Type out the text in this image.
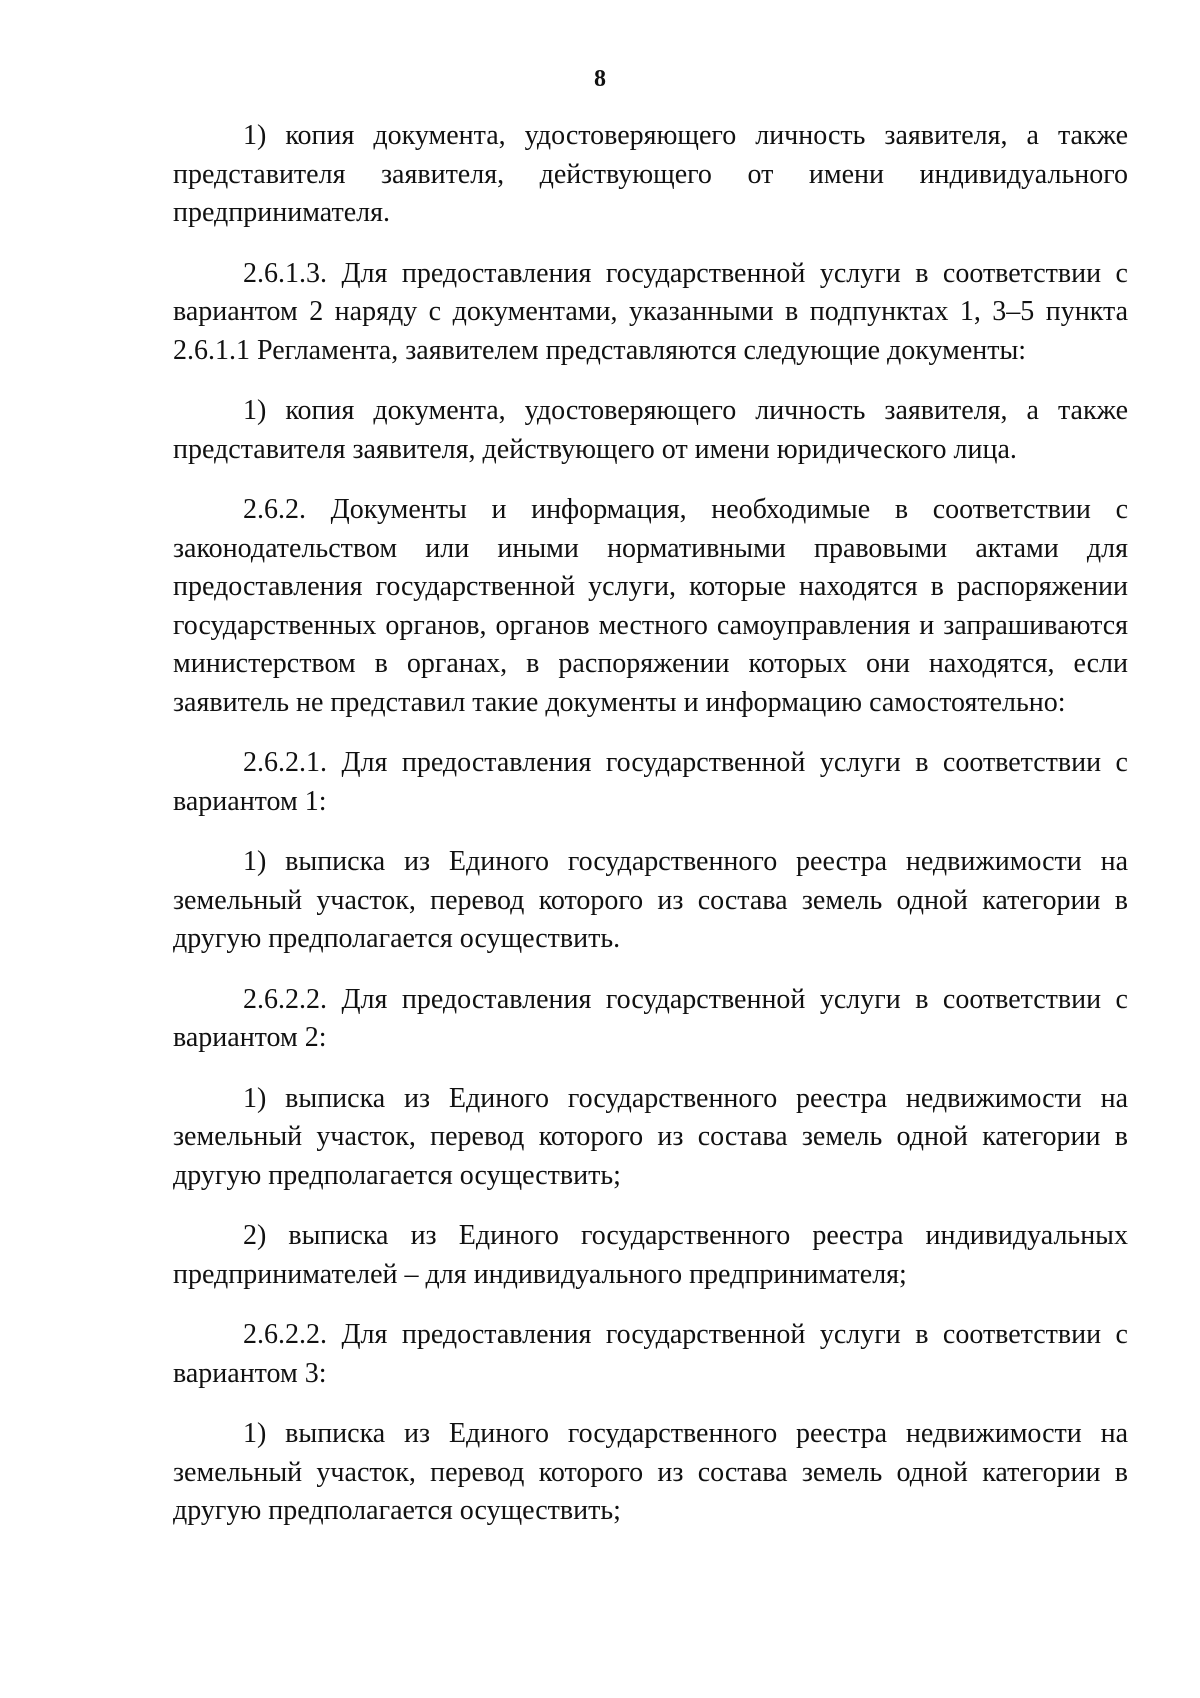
8

1) копия документа, удостоверяющего личность заявителя, а также представителя заявителя, действующего от имени индивидуального предпринимателя.

2.6.1.3. Для предоставления государственной услуги в соответствии с вариантом 2 наряду с документами, указанными в подпунктах 1, 3–5 пункта 2.6.1.1 Регламента, заявителем представляются следующие документы:

1) копия документа, удостоверяющего личность заявителя, а также представителя заявителя, действующего от имени юридического лица.

2.6.2. Документы и информация, необходимые в соответствии с законодательством или иными нормативными правовыми актами для предоставления государственной услуги, которые находятся в распоряжении государственных органов, органов местного самоуправления и запрашиваются министерством в органах, в распоряжении которых они находятся, если заявитель не представил такие документы и информацию самостоятельно:

2.6.2.1. Для предоставления государственной услуги в соответствии с вариантом 1:

1) выписка из Единого государственного реестра недвижимости на земельный участок, перевод которого из состава земель одной категории в другую предполагается осуществить.

2.6.2.2. Для предоставления государственной услуги в соответствии с вариантом 2:

1) выписка из Единого государственного реестра недвижимости на земельный участок, перевод которого из состава земель одной категории в другую предполагается осуществить;

2) выписка из Единого государственного реестра индивидуальных предпринимателей – для индивидуального предпринимателя;

2.6.2.2. Для предоставления государственной услуги в соответствии с вариантом 3:

1) выписка из Единого государственного реестра недвижимости на земельный участок, перевод которого из состава земель одной категории в другую предполагается осуществить;
